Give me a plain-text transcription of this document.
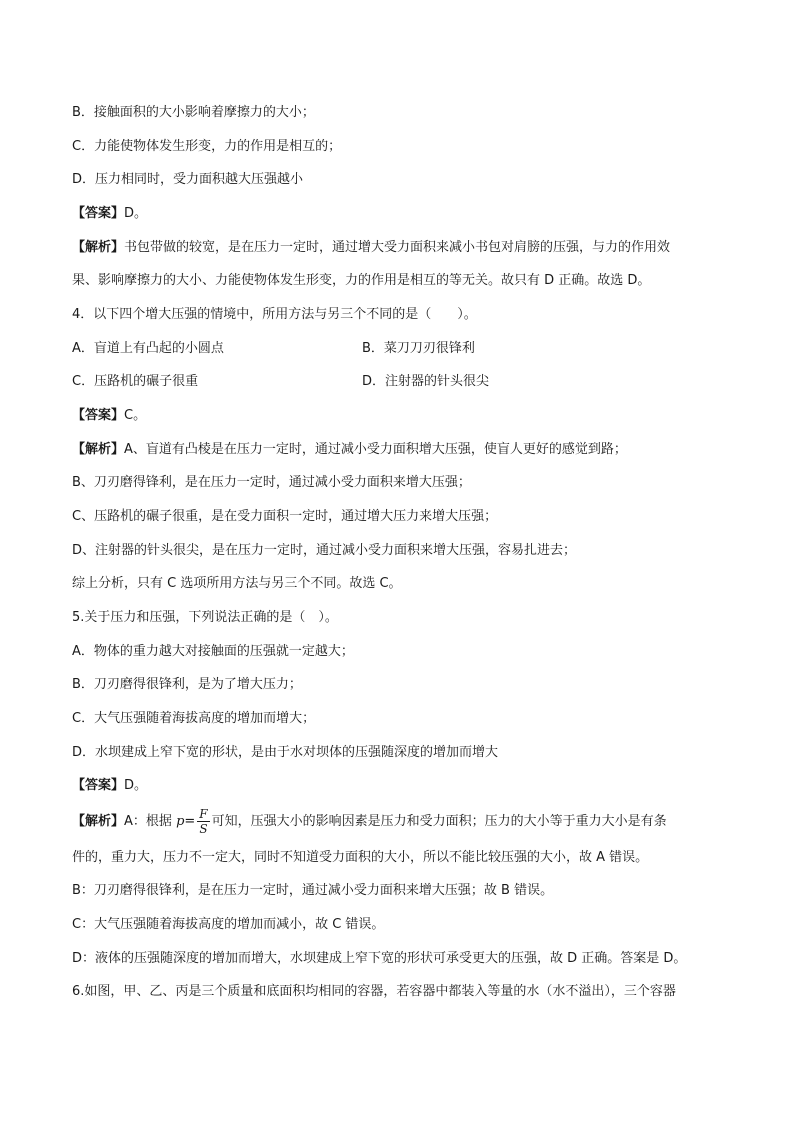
B．接触面积的大小影响着摩擦力的大小；
C．力能使物体发生形变，力的作用是相互的；
D．压力相同时，受力面积越大压强越小
【答案】D。
【解析】书包带做的较宽，是在压力一定时，通过增大受力面积来减小书包对肩膀的压强，与力的作用效
果、影响摩擦力的大小、力能使物体发生形变，力的作用是相互的等无关。故只有 D 正确。故选 D。
4．以下四个增大压强的情境中，所用方法与另三个不同的是（　　）。
A．盲道上有凸起的小圆点	B．菜刀刀刃很锋利
C．压路机的碾子很重	D．注射器的针头很尖
【答案】C。
【解析】A、盲道有凸棱是在压力一定时，通过减小受力面积增大压强，使盲人更好的感觉到路；
B、刀刃磨得锋利，是在压力一定时，通过减小受力面积来增大压强；
C、压路机的碾子很重，是在受力面积一定时，通过增大压力来增大压强；
D、注射器的针头很尖，是在压力一定时，通过减小受力面积来增大压强，容易扎进去；
综上分析，只有 C 选项所用方法与另三个不同。故选 C。
5.关于压力和压强，下列说法正确的是（　）。
A．物体的重力越大对接触面的压强就一定越大；
B．刀刃磨得很锋利，是为了增大压力；
C．大气压强随着海拔高度的增加而增大；
D．水坝建成上窄下宽的形状，是由于水对坝体的压强随深度的增加而增大
【答案】D。
【解析】A：根据 $p= \frac{F}{S}$ 可知，压强大小的影响因素是压力和受力面积；压力的大小等于重力大小是有条
件的，重力大，压力不一定大，同时不知道受力面积的大小，所以不能比较压强的大小，故 A 错误。
B：刀刃磨得很锋利，是在压力一定时，通过减小受力面积来增大压强；故 B 错误。
C：大气压强随着海拔高度的增加而减小，故 C 错误。
D：液体的压强随深度的增加而增大，水坝建成上窄下宽的形状可承受更大的压强，故 D 正确。答案是 D。
6.如图，甲、乙、丙是三个质量和底面积均相同的容器，若容器中都装入等量的水（水不溢出），三个容器
